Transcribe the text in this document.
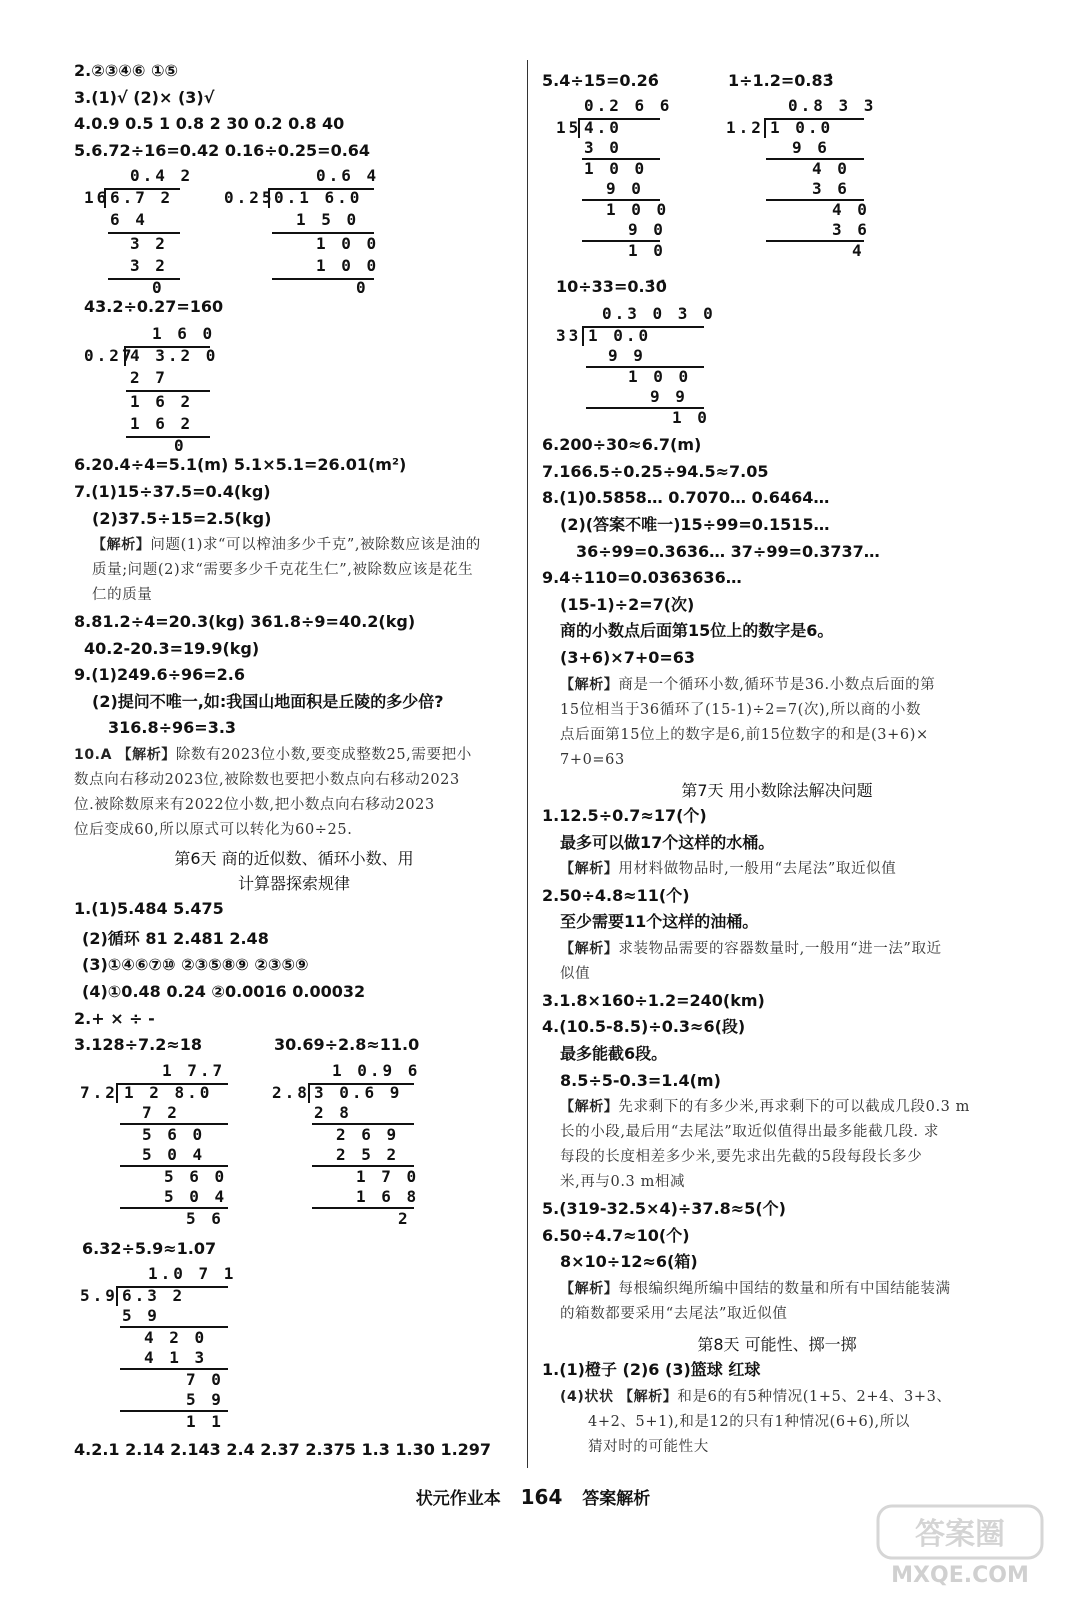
2.②③④⑥ ①⑤
3.(1)√ (2)× (3)√
4.0.9 0.5 1 0.8 2 30 0.2 0.8 40
5.6.72÷16=0.42 0.16÷0.25=0.64
0.4 2
16 6.7 2
6 4
3 2
3 2
0
0.6 4
0.25 0.1 6.0
1 5 0
1 0 0
1 0 0
0
43.2÷0.27=160
1 6 0
0.27
4 3.2 0
2 7
1 6 2
1 6 2
0
6.20.4÷4=5.1(m) 5.1×5.1=26.01(m²)
7.(1)15÷37.5=0.4(kg)
(2)37.5÷15=2.5(kg)
【解析】问题(1)求“可以榨油多少千克”,被除数应该是油的
质量;问题(2)求“需要多少千克花生仁”,被除数应该是花生
仁的质量
8.81.2÷4=20.3(kg) 361.8÷9=40.2(kg)
40.2-20.3=19.9(kg)
9.(1)249.6÷96=2.6
(2)提问不唯一,如:我国山地面积是丘陵的多少倍?
316.8÷96=3.3
10.A 【解析】除数有2023位小数,要变成整数25,需要把小
数点向右移动2023位,被除数也要把小数点向右移动2023
位.被除数原来有2022位小数,把小数点向右移动2023
位后变成60,所以原式可以转化为60÷25.
第6天 商的近似数、循环小数、用
计算器探索规律
1.(1)5.484 5.475
(2)循环 81 2.481 2.48
(3)①④⑥⑦⑩ ②③⑤⑧⑨ ②③⑤⑨
(4)①0.48 0.24 ②0.0016 0.00032
2.+ × ÷ -
3.128÷7.2≈18	30.69÷2.8≈11.0
1 7.7
7.2 1 2 8.0
7 2
5 6 0
5 0 4
5 6 0
5 0 4
5 6
1 0.9 6
2.8 3 0.6 9
2 8
2 6 9
2 5 2
1 7 0
1 6 8
2
6.32÷5.9≈1.07
1.0 7 1
5.9 6.3 2
5 9
4 2 0
4 1 3
7 0
5 9
1 1
4.2.1 2.14 2.143 2.4 2.37 2.375 1.3 1.30 1.297
5.4÷15=0.26̇	1÷1.2=0.83̇
0.2 6 6
15 4.0
3 0
1 0 0
9 0
1 0 0
9 0
1 0
0.8 3 3
1.2 1 0.0
9 6
4 0
3 6
4 0
3 6
4
10÷33=0.3̇0̇
0.3 0 3 0
33 1 0.0
9 9
1 0 0
9 9
1 0
6.200÷30≈6.7(m)
7.166.5÷0.25÷94.5≈7.05
8.(1)0.5858… 0.7070… 0.6464…
(2)(答案不唯一)15÷99=0.1515…
36÷99=0.3636… 37÷99=0.3737…
9.4÷110=0.0363636…
(15-1)÷2=7(次)
商的小数点后面第15位上的数字是6。
(3+6)×7+0=63
【解析】商是一个循环小数,循环节是36.小数点后面的第
15位相当于36循环了(15-1)÷2=7(次),所以商的小数
点后面第15位上的数字是6,前15位数字的和是(3+6)×
7+0=63
第7天 用小数除法解决问题
1.12.5÷0.7≈17(个)
最多可以做17个这样的水桶。
【解析】用材料做物品时,一般用“去尾法”取近似值
2.50÷4.8≈11(个)
至少需要11个这样的油桶。
【解析】求装物品需要的容器数量时,一般用“进一法”取近
似值
3.1.8×160÷1.2=240(km)
4.(10.5-8.5)÷0.3≈6(段)
最多能截6段。
8.5÷5-0.3=1.4(m)
【解析】先求剩下的有多少米,再求剩下的可以截成几段0.3 m
长的小段,最后用“去尾法”取近似值得出最多能截几段. 求
每段的长度相差多少米,要先求出先截的5段每段长多少
米,再与0.3 m相减
5.(319-32.5×4)÷37.8≈5(个)
6.50÷4.7≈10(个)
8×10÷12≈6(箱)
【解析】每根编织绳所编中国结的数量和所有中国结能装满
的箱数都要采用“去尾法”取近似值
第8天 可能性、掷一掷
1.(1)橙子 (2)6 (3)篮球 红球
(4)状状 【解析】和是6的有5种情况(1+5、2+4、3+3、
4+2、5+1),和是12的只有1种情况(6+6),所以
猜对时的可能性大
状元作业本 164 答案解析
答案圈
MXQE.COM
